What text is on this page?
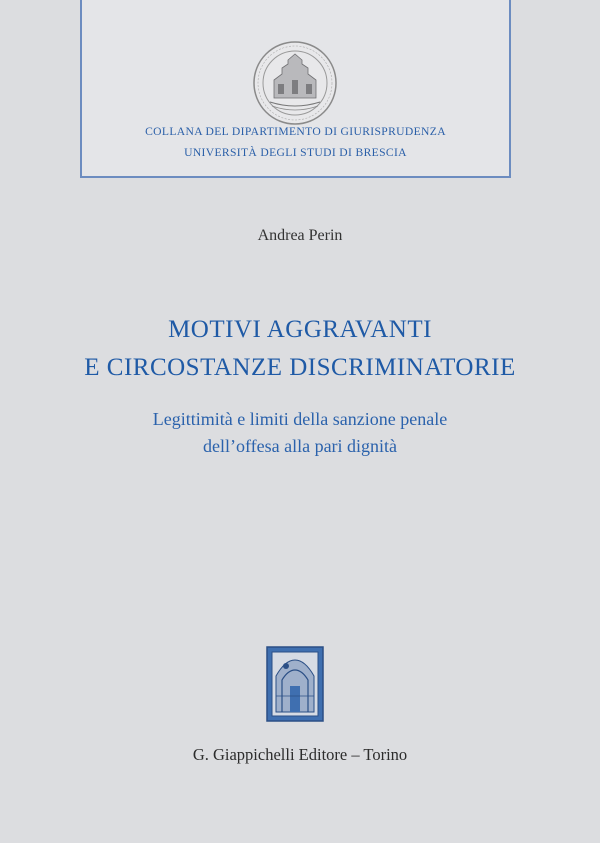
COLLANA DEL DIPARTIMENTO DI GIURISPRUDENZA
UNIVERSITÀ DEGLI STUDI DI BRESCIA
Andrea Perin
MOTIVI AGGRAVANTI
E CIRCOSTANZE DISCRIMINATORIE
Legittimità e limiti della sanzione penale
dell’offesa alla pari dignità
G. Giappichelli Editore – Torino
